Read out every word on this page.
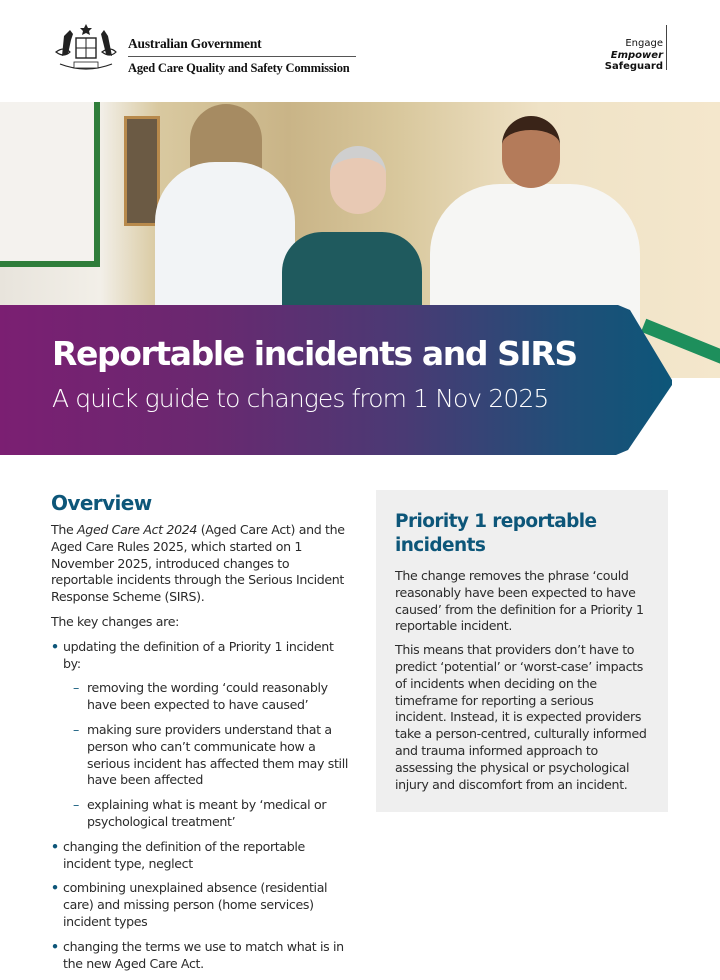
Australian Government
Aged Care Quality and Safety Commission
Engage
Empower
Safeguard
Reportable incidents and SIRS
A quick guide to changes from 1 Nov 2025
Overview

The Aged Care Act 2024 (Aged Care Act) and the Aged Care Rules 2025, which started on 1 November 2025, introduced changes to reportable incidents through the Serious Incident Response Scheme (SIRS).

The key changes are:

• updating the definition of a Priority 1 incident by:
– removing the wording ‘could reasonably have been expected to have caused’
– making sure providers understand that a person who can’t communicate how a serious incident has affected them may still have been affected
– explaining what is meant by ‘medical or psychological treatment’
• changing the definition of the reportable incident type, neglect
• combining unexplained absence (residential care) and missing person (home services) incident types
• changing the terms we use to match what is in the new Aged Care Act.
Priority 1 reportable incidents

The change removes the phrase ‘could reasonably have been expected to have caused’ from the definition for a Priority 1 reportable incident.

This means that providers don’t have to predict ‘potential’ or ‘worst-case’ impacts of incidents when deciding on the timeframe for reporting a serious incident. Instead, it is expected providers take a person-centred, culturally informed and trauma informed approach to assessing the physical or psychological injury and discomfort from an incident.
